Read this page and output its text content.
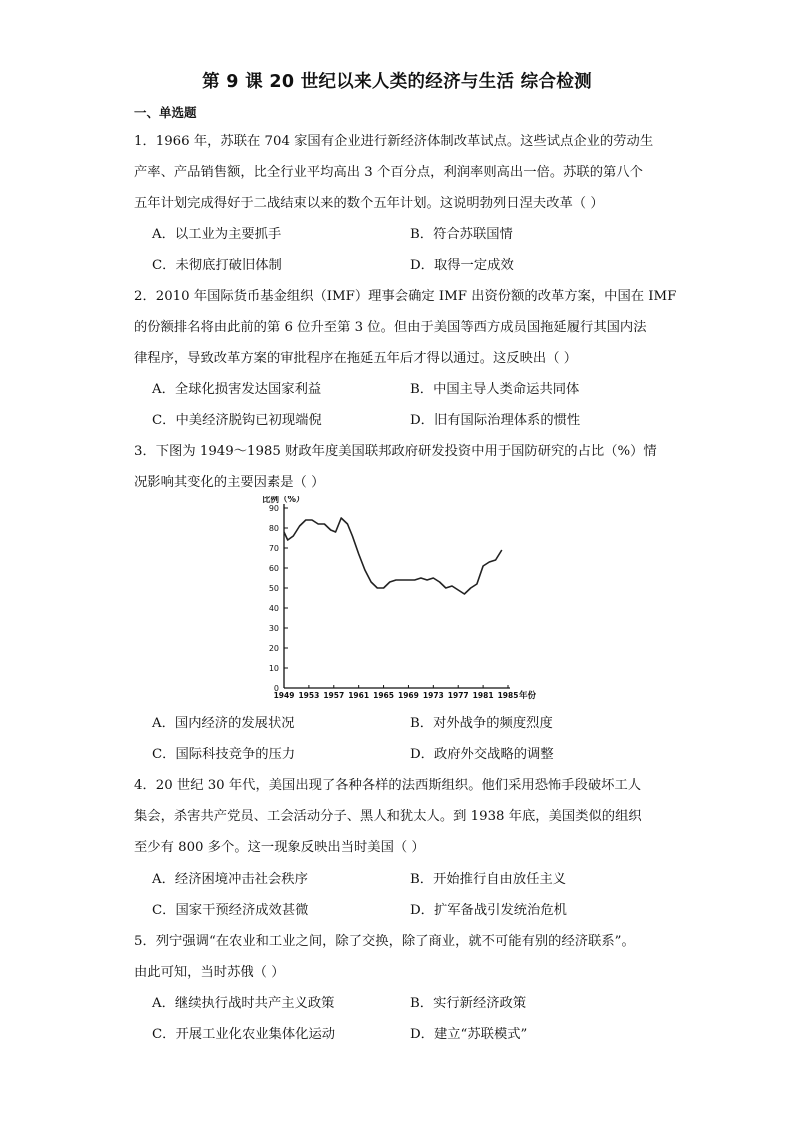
第 9 课 20 世纪以来人类的经济与生活 综合检测
一、单选题
1．1966 年，苏联在 704 家国有企业进行新经济体制改革试点。这些试点企业的劳动生
产率、产品销售额，比全行业平均高出 3 个百分点，利润率则高出一倍。苏联的第八个
五年计划完成得好于二战结束以来的数个五年计划。这说明勃列日涅夫改革（ ）
A．以工业为主要抓手	B．符合苏联国情
C．未彻底打破旧体制	D．取得一定成效
2．2010 年国际货币基金组织（IMF）理事会确定 IMF 出资份额的改革方案，中国在 IMF
的份额排名将由此前的第 6 位升至第 3 位。但由于美国等西方成员国拖延履行其国内法
律程序，导致改革方案的审批程序在拖延五年后才得以通过。这反映出（ ）
A．全球化损害发达国家利益	B．中国主导人类命运共同体
C．中美经济脱钩已初现端倪	D．旧有国际治理体系的惯性
3．下图为 1949～1985 财政年度美国联邦政府研发投资中用于国防研究的占比（%）情
况影响其变化的主要因素是（ ）
0
10
20
30
40
50
60
70
80
90
1949 1953 1957 1961 1965 1969 1973 1977 1981 1985
比例（%）
年份
A．国内经济的发展状况	B．对外战争的频度烈度
C．国际科技竞争的压力	D．政府外交战略的调整
4．20 世纪 30 年代，美国出现了各种各样的法西斯组织。他们采用恐怖手段破坏工人
集会，杀害共产党员、工会活动分子、黑人和犹太人。到 1938 年底，美国类似的组织
至少有 800 多个。这一现象反映出当时美国（ ）
A．经济困境冲击社会秩序	B．开始推行自由放任主义
C．国家干预经济成效甚微	D．扩军备战引发统治危机
5．列宁强调“在农业和工业之间，除了交换，除了商业，就不可能有别的经济联系”。
由此可知，当时苏俄（ ）
A．继续执行战时共产主义政策	B．实行新经济政策
C．开展工业化农业集体化运动	D．建立“苏联模式”
